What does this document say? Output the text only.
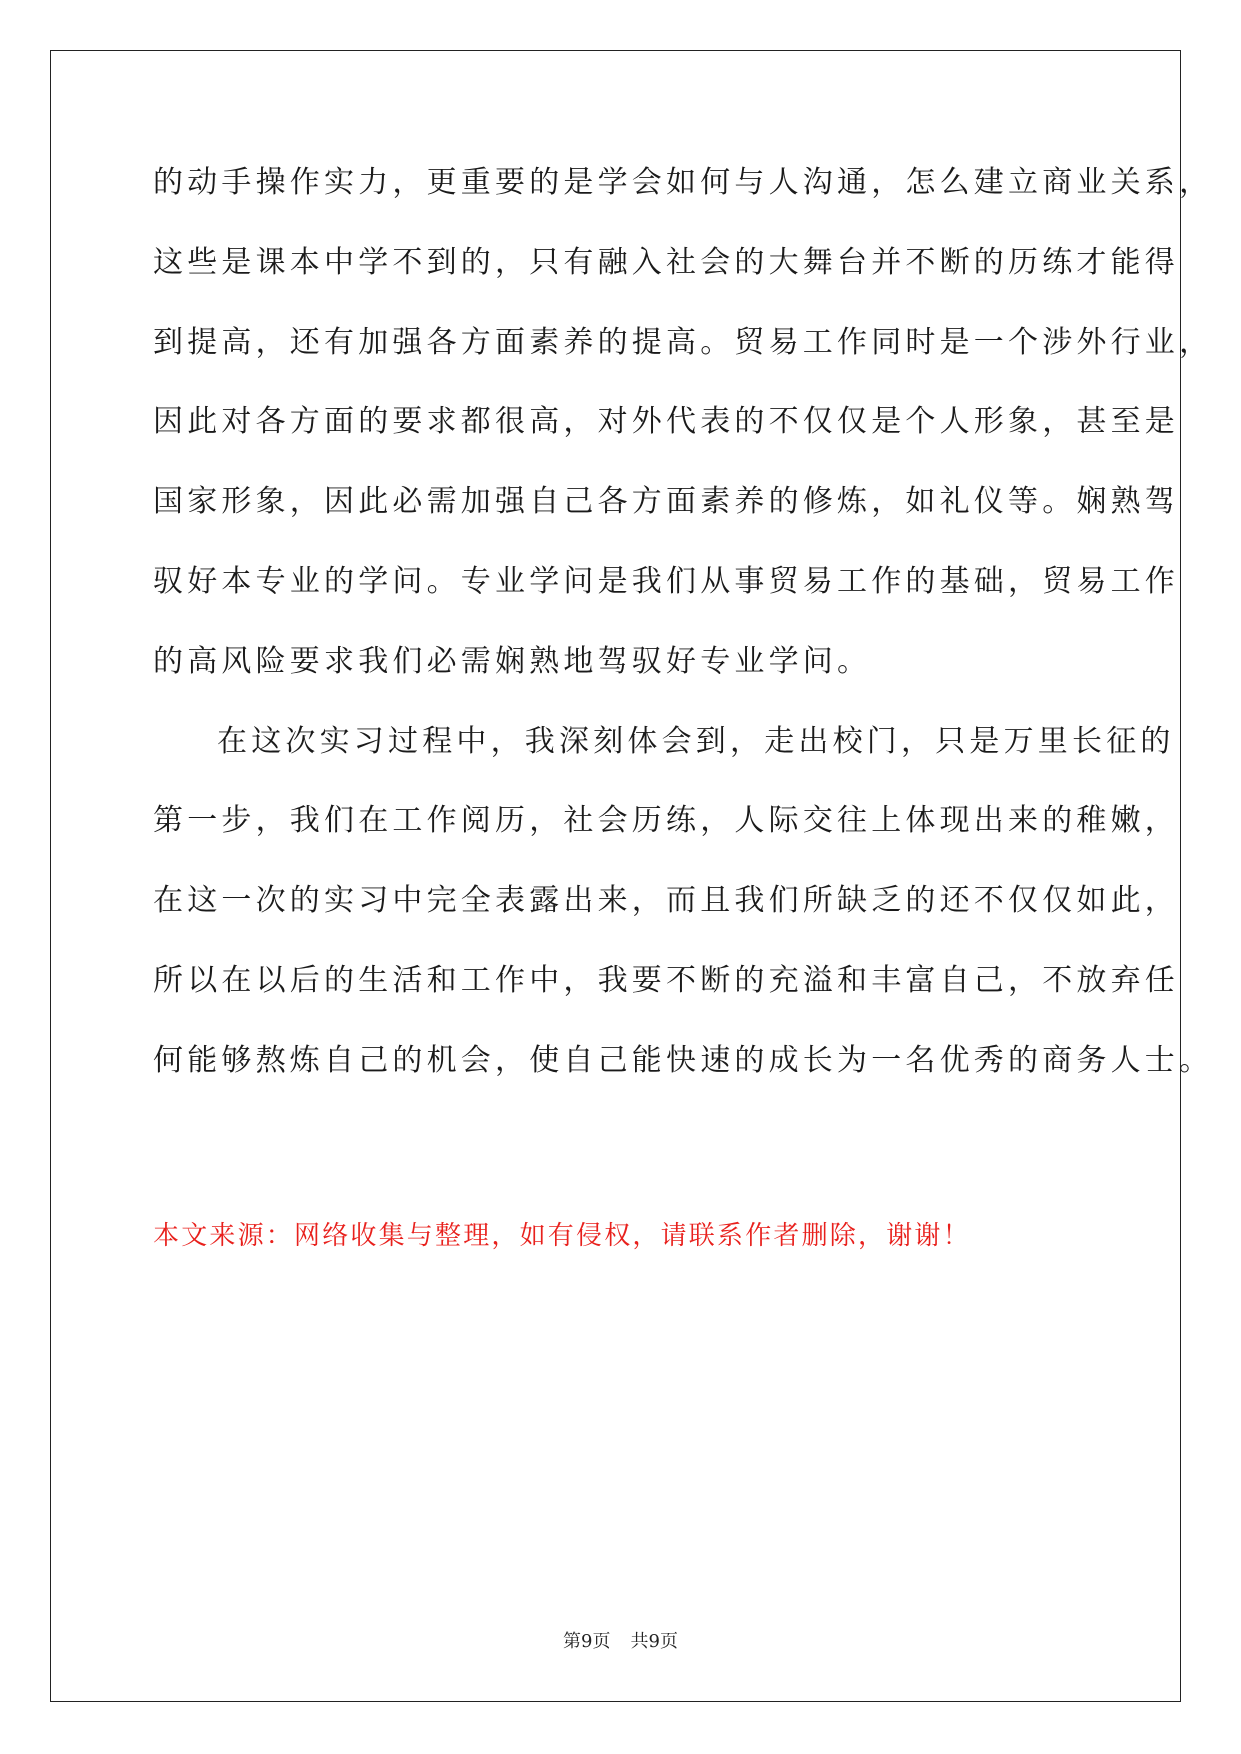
的动手操作实力，更重要的是学会如何与人沟通，怎么建立商业关系，
这些是课本中学不到的，只有融入社会的大舞台并不断的历练才能得
到提高，还有加强各方面素养的提高。贸易工作同时是一个涉外行业，
因此对各方面的要求都很高，对外代表的不仅仅是个人形象，甚至是
国家形象，因此必需加强自己各方面素养的修炼，如礼仪等。娴熟驾
驭好本专业的学问。专业学问是我们从事贸易工作的基础，贸易工作
的高风险要求我们必需娴熟地驾驭好专业学问。
在这次实习过程中，我深刻体会到，走出校门，只是万里长征的
第一步，我们在工作阅历，社会历练，人际交往上体现出来的稚嫩，
在这一次的实习中完全表露出来，而且我们所缺乏的还不仅仅如此，
所以在以后的生活和工作中，我要不断的充溢和丰富自己，不放弃任
何能够熬炼自己的机会，使自己能快速的成长为一名优秀的商务人士。
本文来源：网络收集与整理，如有侵权，请联系作者删除，谢谢！
第9页 共9页
